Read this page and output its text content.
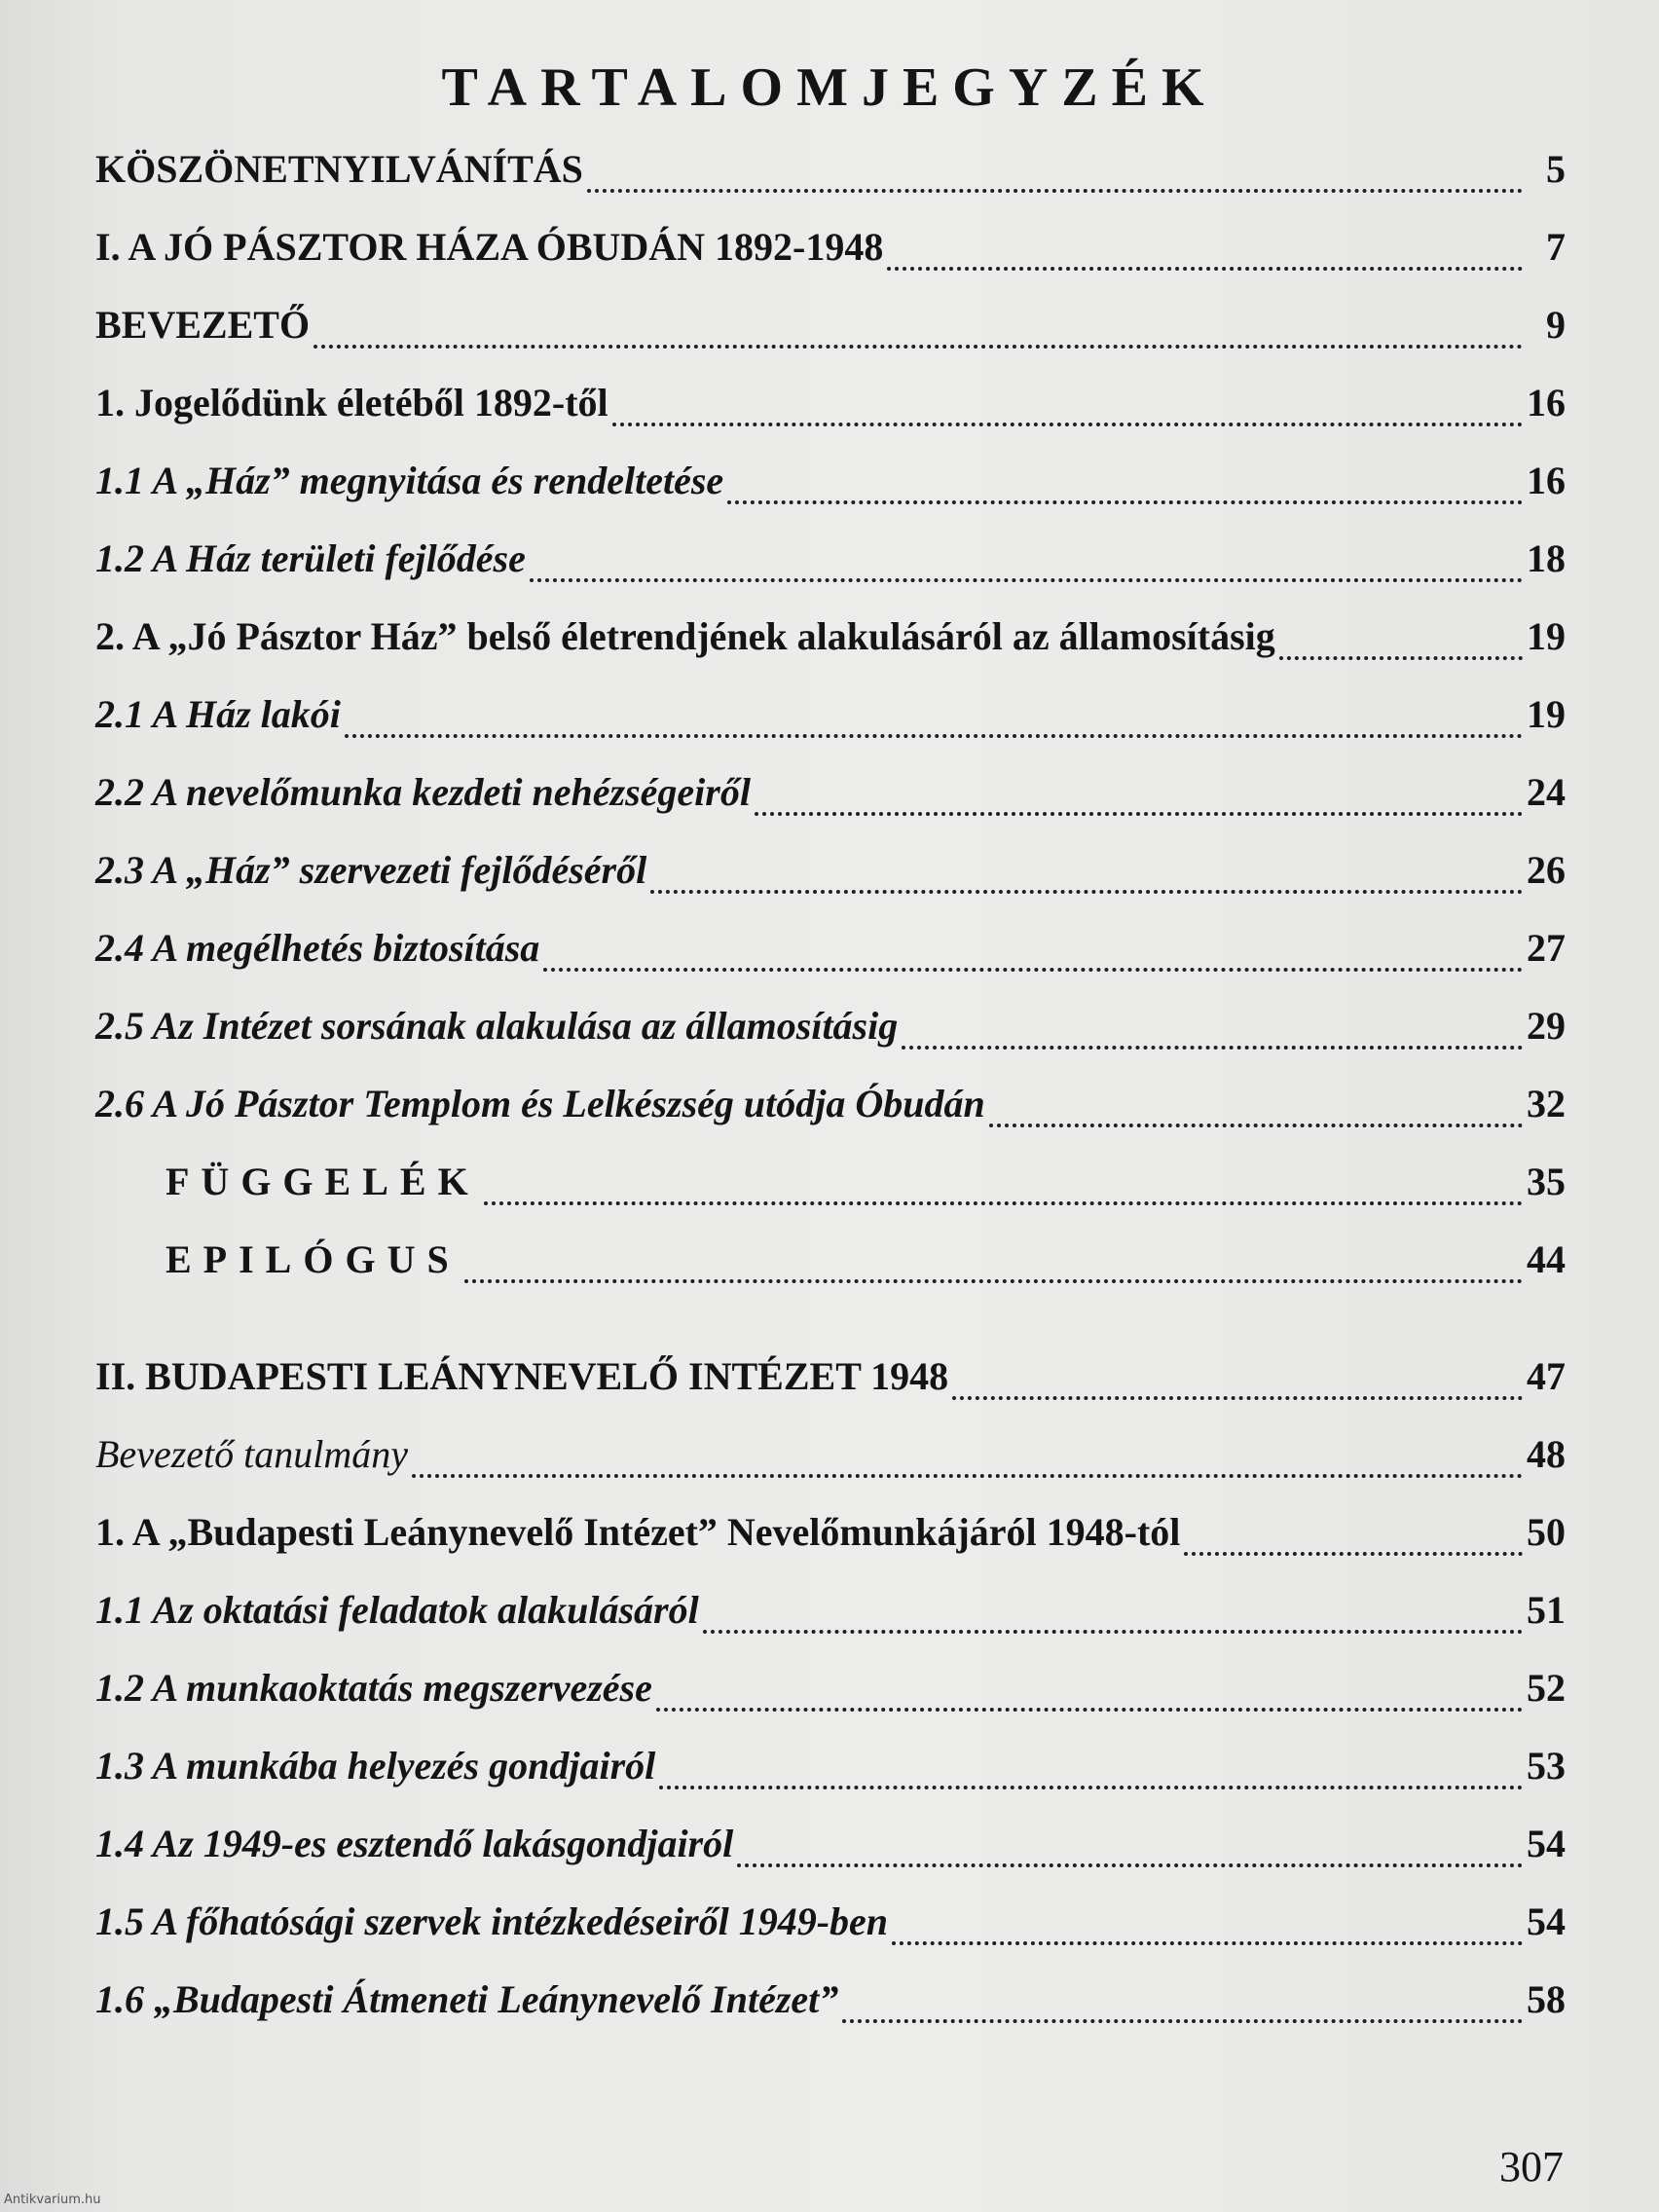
TARTALOMJEGYZÉK
KÖSZÖNETNYILVÁNÍTÁS	5
I. A JÓ PÁSZTOR HÁZA ÓBUDÁN 1892-1948	7
BEVEZETŐ	9
1. Jogelődünk életéből 1892-től	16
1.1 A „Ház” megnyitása és rendeltetése	16
1.2 A Ház területi fejlődése	18
2. A „Jó Pásztor Ház” belső életrendjének alakulásáról az államosításig	19
2.1 A Ház lakói	19
2.2 A nevelőmunka kezdeti nehézségeiről	24
2.3 A „Ház” szervezeti fejlődéséről	26
2.4 A megélhetés biztosítása	27
2.5 Az Intézet sorsának alakulása az államosításig	29
2.6 A Jó Pásztor Templom és Lelkészség utódja Óbudán	32
FÜGGELÉK	35
EPILÓGUS	44
II. BUDAPESTI LEÁNYNEVELŐ INTÉZET 1948	47
Bevezető tanulmány	48
1. A „Budapesti Leánynevelő Intézet” Nevelőmunkájáról 1948-tól	50
1.1 Az oktatási feladatok alakulásáról	51
1.2 A munkaoktatás megszervezése	52
1.3 A munkába helyezés gondjairól	53
1.4 Az 1949-es esztendő lakásgondjairól	54
1.5 A főhatósági szervek intézkedéseiről 1949-ben	54
1.6 „Budapesti Átmeneti Leánynevelő Intézet”	58
307
Antikvarium.hu
